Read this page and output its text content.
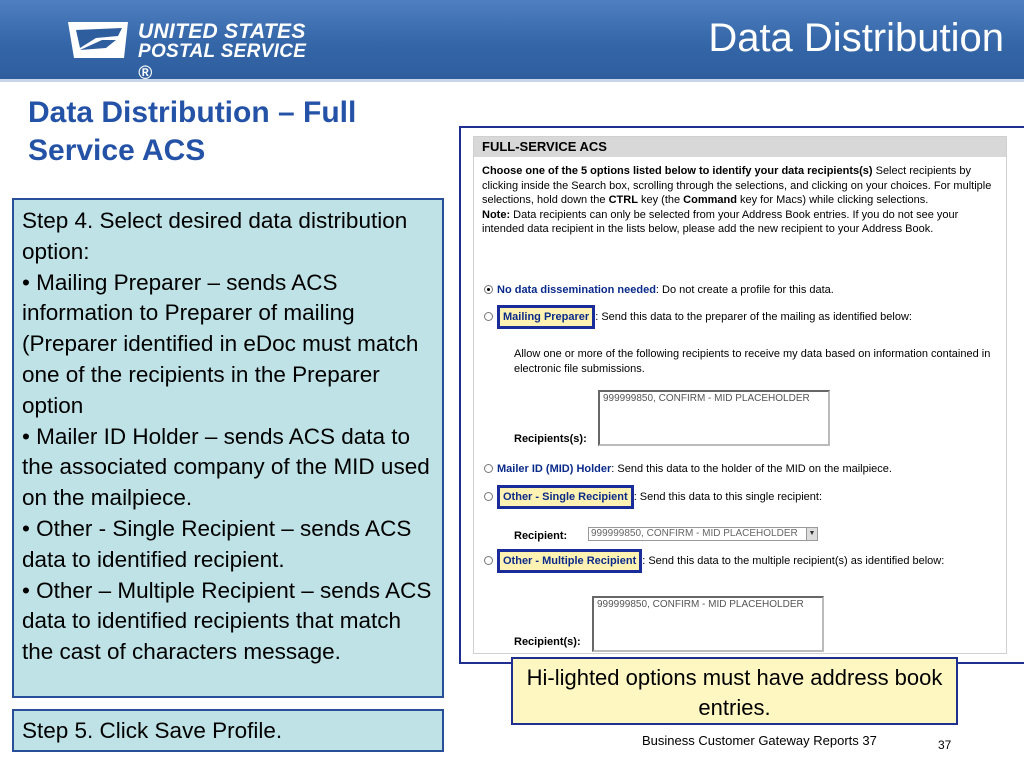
UNITED STATES
POSTAL SERVICE ®
Data Distribution
Data Distribution – Full Service ACS

Step 4. Select desired data distribution option:

• Mailing Preparer – sends ACS information to Preparer of mailing (Preparer identified in eDoc must match one of the recipients in the Preparer option
• Mailer ID Holder – sends ACS data to the associated company of the MID used on the mailpiece.
• Other - Single Recipient – sends ACS data to identified recipient.
• Other – Multiple Recipient – sends ACS data to identified recipients that match the cast of characters message.
Step 5. Click Save Profile.
FULL-SERVICE ACS
Choose one of the 5 options listed below to identify your data recipients(s) Select recipients by clicking inside the Search box, scrolling through the selections, and clicking on your choices. For multiple selections, hold down the CTRL key (the Command key for Macs) while clicking selections.
Note: Data recipients can only be selected from your Address Book entries. If you do not see your intended data recipient in the lists below, please add the new recipient to your Address Book.
No data dissemination needed: Do not create a profile for this data.
Mailing Preparer : Send this data to the preparer of the mailing as identified below:
Allow one or more of the following recipients to receive my data based on information contained in electronic file submissions.
999999850, CONFIRM - MID PLACEHOLDER
Recipients(s):
Mailer ID (MID) Holder: Send this data to the holder of the MID on the mailpiece.
Other - Single Recipient : Send this data to this single recipient:
Recipient:	999999850, CONFIRM - MID PLACEHOLDER	▼
Other - Multiple Recipient : Send this data to the multiple recipient(s) as identified below:
999999850, CONFIRM - MID PLACEHOLDER
Recipient(s):
Hi-lighted options must have address book entries.
Business Customer Gateway Reports 37	37
